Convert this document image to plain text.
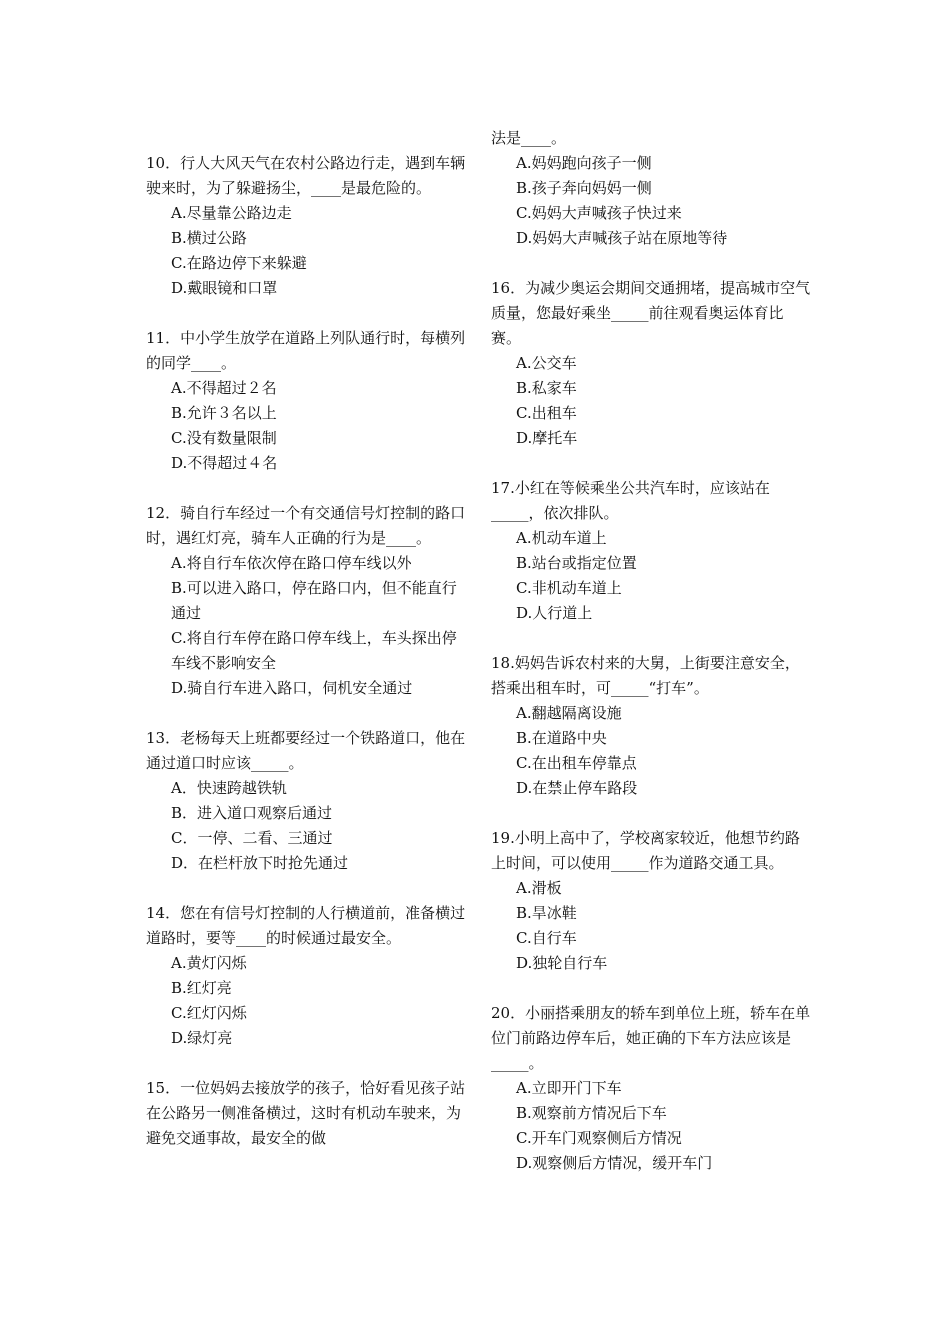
10．行人大风天气在农村公路边行走，遇到车辆驶来时，为了躲避扬尘，____是最危险的。

A.尽量靠公路边走
B.横过公路
C.在路边停下来躲避
D.戴眼镜和口罩

11．中小学生放学在道路上列队通行时，每横列的同学____。

A.不得超过２名
B.允许３名以上
C.没有数量限制
D.不得超过４名

12．骑自行车经过一个有交通信号灯控制的路口时，遇红灯亮，骑车人正确的行为是____。

A.将自行车依次停在路口停车线以外
B.可以进入路口，停在路口内，但不能直行通过
C.将自行车停在路口停车线上，车头探出停车线不影响安全
D.骑自行车进入路口，伺机安全通过

13．老杨每天上班都要经过一个铁路道口，他在通过道口时应该_____。

A．快速跨越铁轨
B．进入道口观察后通过
C．一停、二看、三通过
D．在栏杆放下时抢先通过

14．您在有信号灯控制的人行横道前，准备横过道路时，要等____的时候通过最安全。

A.黄灯闪烁
B.红灯亮
C.红灯闪烁
D.绿灯亮

15．一位妈妈去接放学的孩子，恰好看见孩子站在公路另一侧准备横过，这时有机动车驶来，为避免交通事故，最安全的做

法是____。

A.妈妈跑向孩子一侧
B.孩子奔向妈妈一侧
C.妈妈大声喊孩子快过来
D.妈妈大声喊孩子站在原地等待

16．为减少奥运会期间交通拥堵，提高城市空气质量，您最好乘坐_____前往观看奥运体育比赛。

A.公交车
B.私家车
C.出租车
D.摩托车

17.小红在等候乘坐公共汽车时，应该站在_____，依次排队。

A.机动车道上
B.站台或指定位置
C.非机动车道上
D.人行道上

18.妈妈告诉农村来的大舅，上街要注意安全，搭乘出租车时，可_____“打车”。

A.翻越隔离设施
B.在道路中央
C.在出租车停靠点
D.在禁止停车路段

19.小明上高中了，学校离家较近，他想节约路上时间，可以使用_____作为道路交通工具。

A.滑板
B.旱冰鞋
C.自行车
D.独轮自行车

20．小丽搭乘朋友的轿车到单位上班，轿车在单位门前路边停车后，她正确的下车方法应该是_____。

A.立即开门下车
B.观察前方情况后下车
C.开车门观察侧后方情况
D.观察侧后方情况，缓开车门
